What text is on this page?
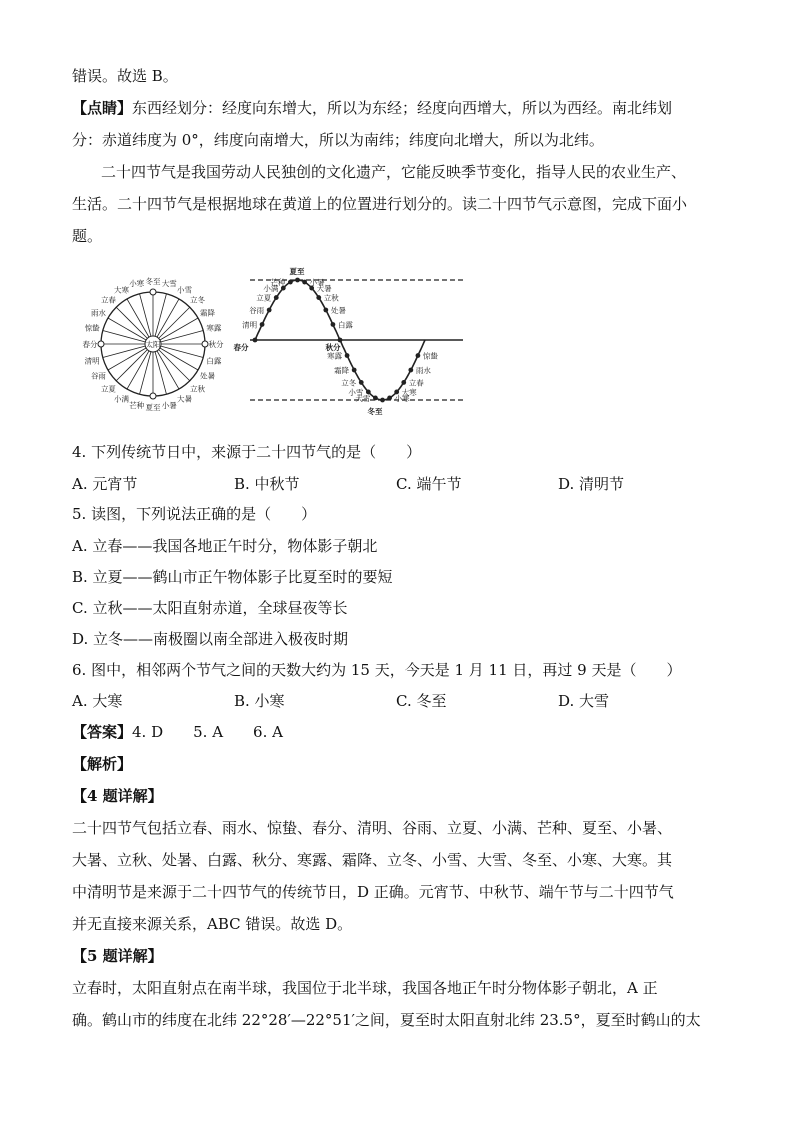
错误。故选 B。
【点睛】东西经划分：经度向东增大，所以为东经；经度向西增大，所以为西经。南北纬划
分：赤道纬度为 0°，纬度向南增大，所以为南纬；纬度向北增大，所以为北纬。
二十四节气是我国劳动人民独创的文化遗产，它能反映季节变化，指导人民的农业生产、
生活。二十四节气是根据地球在黄道上的位置进行划分的。读二十四节气示意图，完成下面小
题。
太阳
春分
惊蛰
雨水
立春
大寒
小寒 冬至 大雪
小雪
立冬
霜降
寒露
秋分
白露
处暑
立秋
大暑
小暑
夏至
芒种
小满
立夏
谷雨
清明
夏至
冬至
春分	秋分
清明
谷雨
立夏
小满
芒种	小暑
大暑
立秋
处暑
白露
寒露
霜降
立冬
小雪
大雪	小寒
大寒
立春
雨水
惊蛰
4. 下列传统节日中，来源于二十四节气的是（　　）
A. 元宵节	B. 中秋节	C. 端午节	D. 清明节
5. 读图，下列说法正确的是（　　）
A. 立春——我国各地正午时分，物体影子朝北
B. 立夏——鹤山市正午物体影子比夏至时的要短
C. 立秋——太阳直射赤道，全球昼夜等长
D. 立冬——南极圈以南全部进入极夜时期
6. 图中，相邻两个节气之间的天数大约为 15 天，今天是 1 月 11 日，再过 9 天是（　　）
A. 大寒	B. 小寒	C. 冬至	D. 大雪
【答案】4. D　　5. A　　6. A
【解析】
【4 题详解】
二十四节气包括立春、雨水、惊蛰、春分、清明、谷雨、立夏、小满、芒种、夏至、小暑、
大暑、立秋、处暑、白露、秋分、寒露、霜降、立冬、小雪、大雪、冬至、小寒、大寒。其
中清明节是来源于二十四节气的传统节日，D 正确。元宵节、中秋节、端午节与二十四节气
并无直接来源关系，ABC 错误。故选 D。
【5 题详解】
立春时，太阳直射点在南半球，我国位于北半球，我国各地正午时分物体影子朝北，A 正
确。鹤山市的纬度在北纬 22°28′—22°51′之间，夏至时太阳直射北纬 23.5°，夏至时鹤山的太
